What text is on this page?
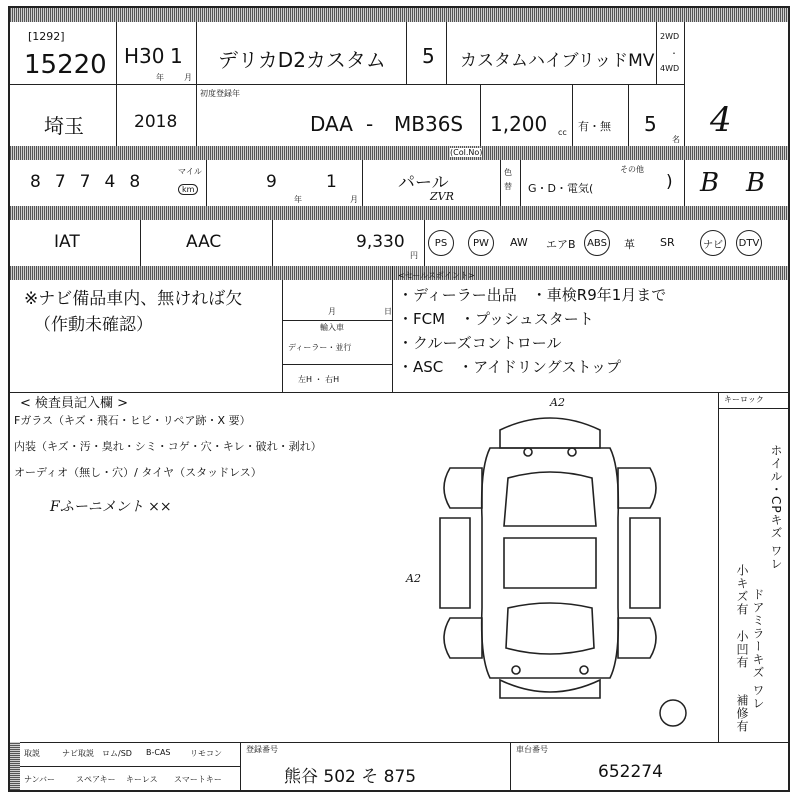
[1292]
15220 H30 1
年	月
デリカD2カスタム 5 カスタムハイブリッドMV
2WD
・
4WD
4
埼玉
初度登録年
2018	DAA - MB36S 1,200 cc 有・無 5
名
87748
マイル
km	9
年
1
月
(Col.No)
パール
ZVR
色替
その他
G・D・電気(	) B B
IAT	AAC	9,330
円
PS	PW	AW エアB	ABS 革 SR	ナビ	DTV
※ナビ備品車内、無ければ欠
（作動未確認）
月	日
輸入車
ディーラー・並行
左H ・ 右H
<セールスポイント>
・ディーラー出品　・車検R9年1月まで
・FCM　・プッシュスタート
・クルーズコントロール
・ASC　・アイドリングストップ
< 検査員記入欄 >
Fガラス（キズ・飛石・ヒビ・リペア跡・X 要）
内装（キズ・汚・臭れ・シミ・コゲ・穴・キレ・破れ・剥れ）
オーディオ（無し・穴）/ タイヤ（スタッドレス）
Fふーニメント ××
A2
A2
キーロック
ホイル・CPキズ ワレ
ドアミラーキズ ワレ
小キズ有
小凹有
補修有
取説	ナビ取説 ロム/SD B-CAS リモコン
ナンバー	スペアキー キーレス スマートキー
登録番号
熊谷 502 そ 875
車台番号
652274
